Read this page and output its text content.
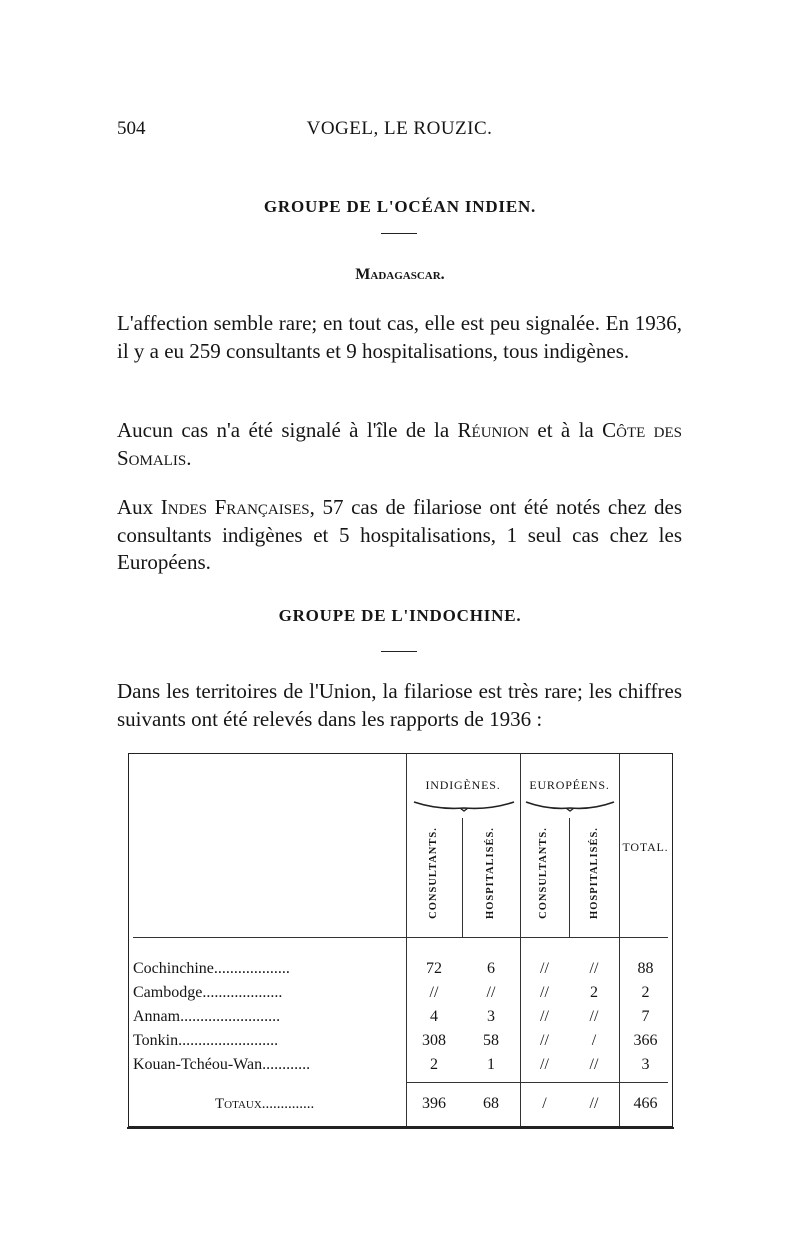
504	VOGEL, LE ROUZIC.
GROUPE DE L'OCÉAN INDIEN.
Madagascar.

L'affection semble rare; en tout cas, elle est peu signalée. En 1936, il y a eu 259 consultants et 9 hospitalisations, tous indigènes.

Aucun cas n'a été signalé à l'île de la Réunion et à la Côte des Somalis.

Aux Indes Françaises, 57 cas de filariose ont été notés chez des consultants indigènes et 5 hospitalisations, 1 seul cas chez les Européens.

GROUPE DE L'INDOCHINE.

Dans les territoires de l'Union, la filariose est très rare; les chiffres suivants ont été relevés dans les rapports de 1936 :

INDIGÈNES.	EUROPÉENS.
CONSULTANTS.	HOSPITALISÉS.	CONSULTANTS.	HOSPITALISÉS. TOTAL.
Cochinchine...................	72	6	//	//	88
Cambodge....................	//	//	//	2	2
Annam.........................	4	3	//	//	7
Tonkin.........................	308	58	//	/	366
Kouan-Tchéou-Wan............	2	1	//	//	3
Totaux..............	396	68	/	//	466
